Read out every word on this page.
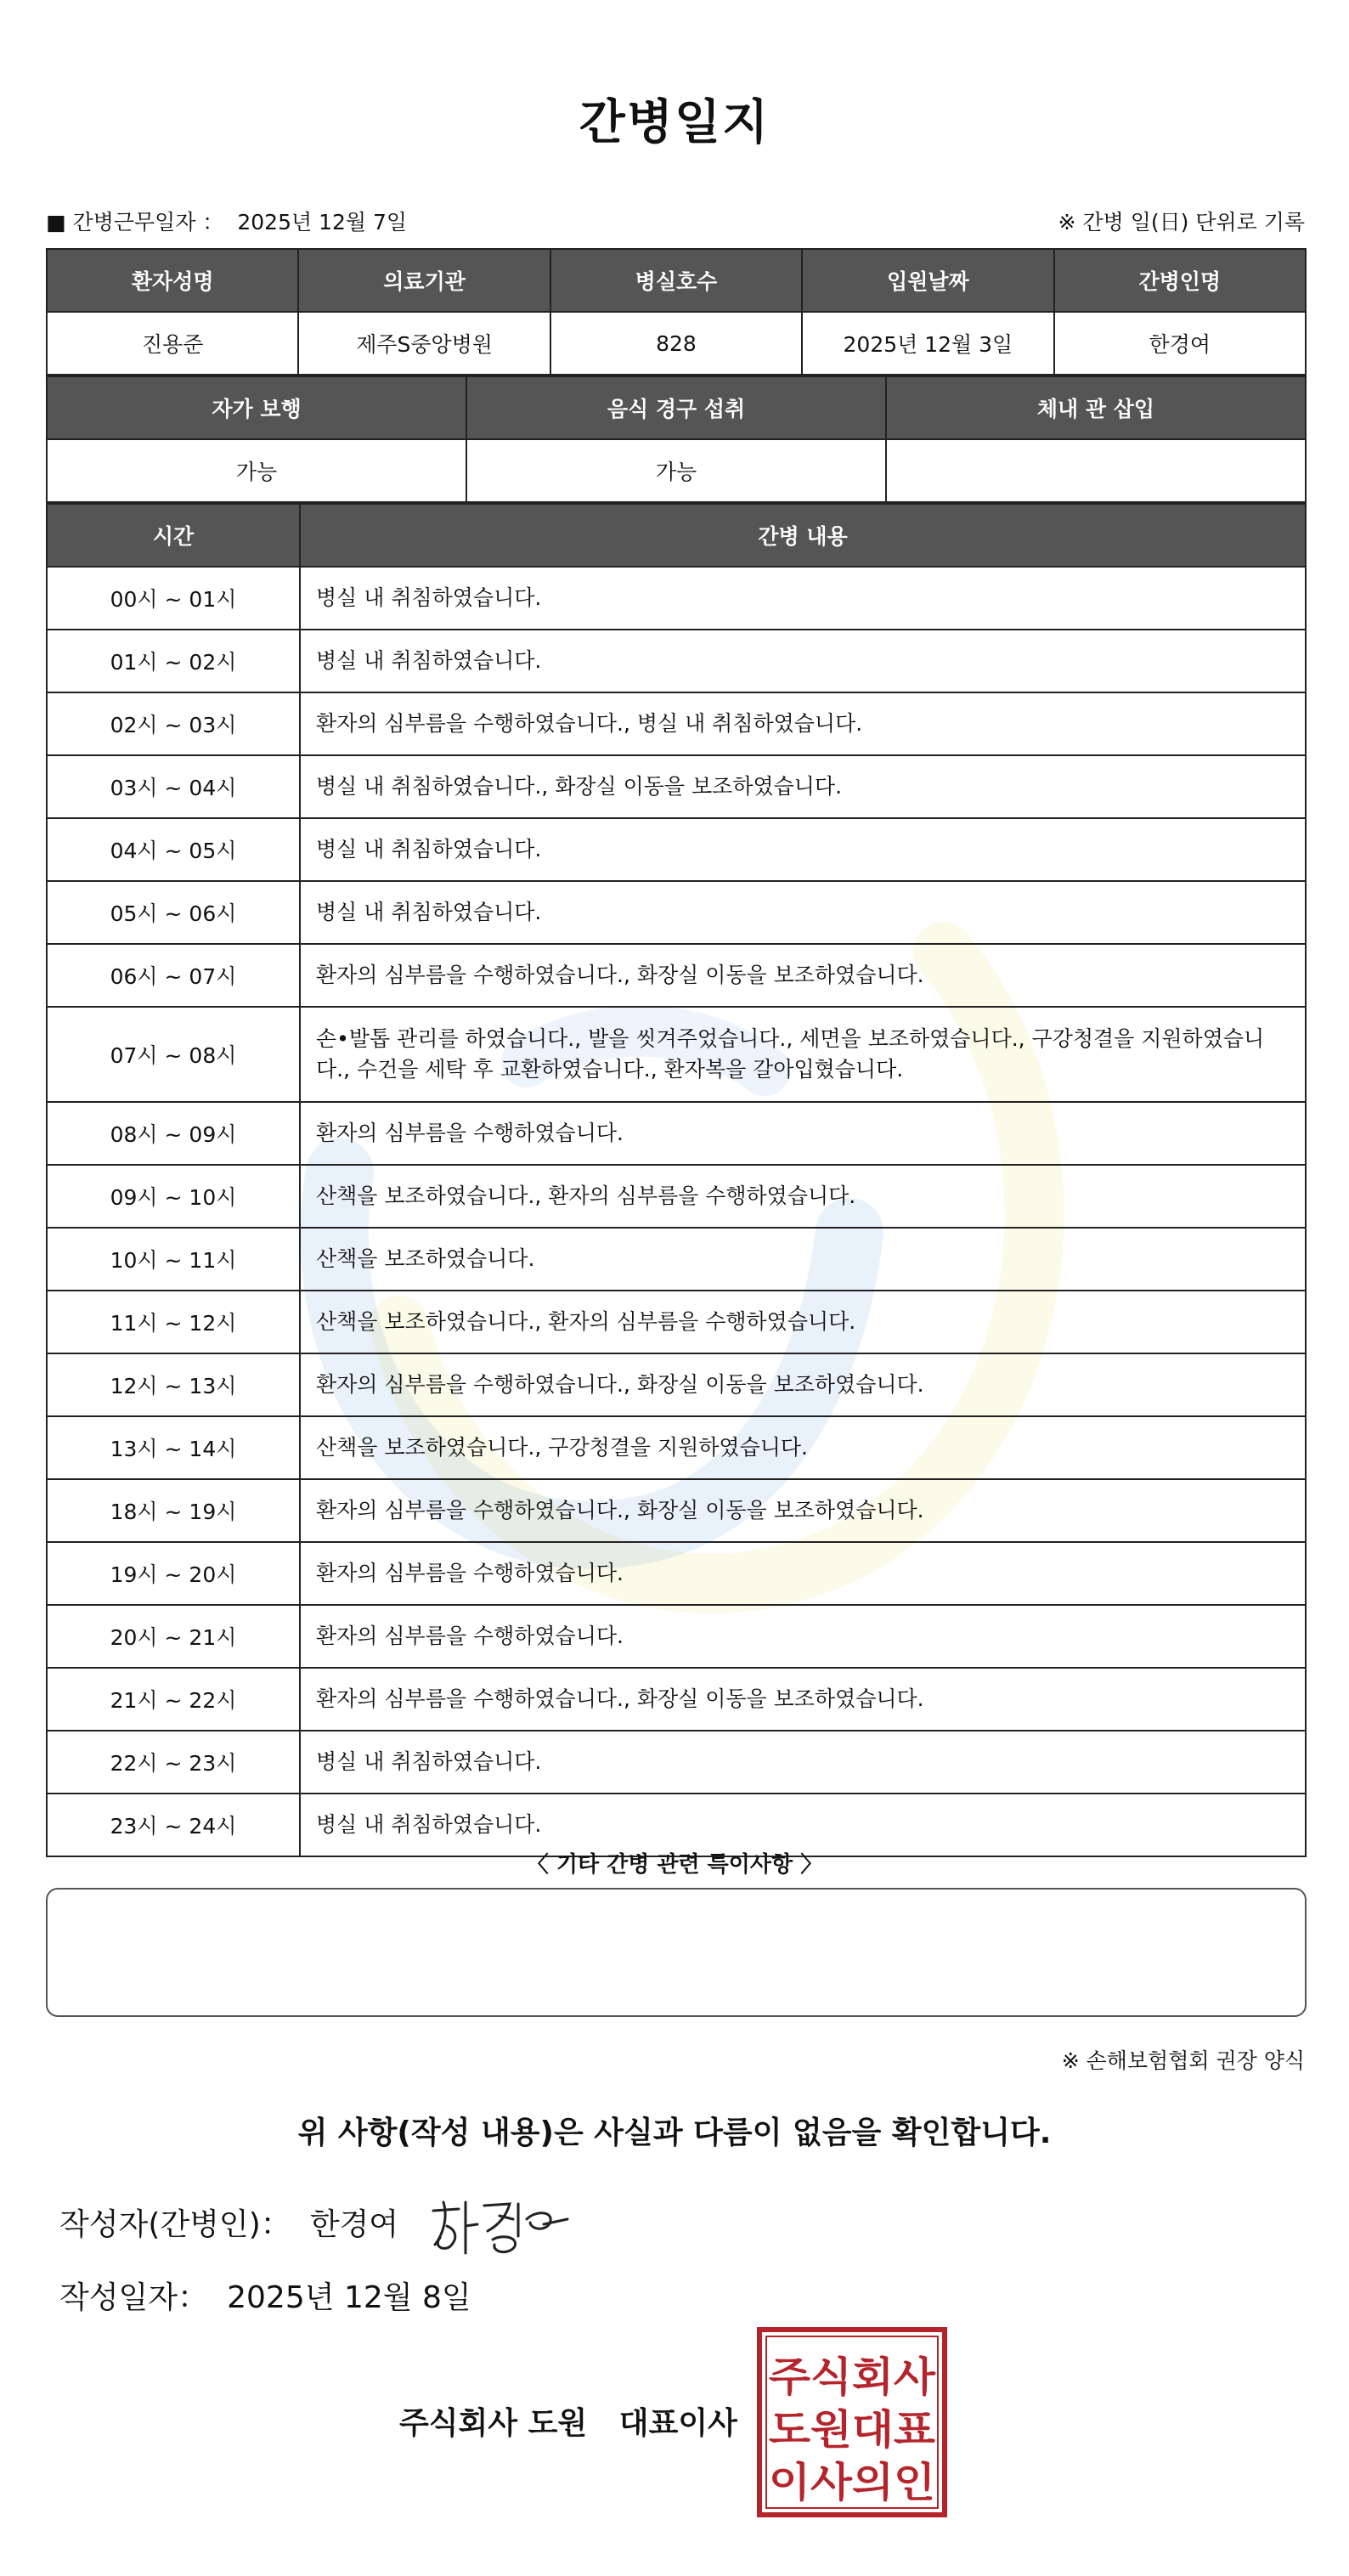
간병일지
■ 간병근무일자 ： 2025년 12월 7일	※ 간병 일(日) 단위로 기록
환자성명	의료기관	병실호수	입원날짜	간병인명
진용준	제주S중앙병원	828	2025년 12월 3일	한경여
자가 보행	음식 경구 섭취	체내 관 삽입
가능	가능	
시간	간병 내용
00시 ~ 01시	병실 내 취침하였습니다.
01시 ~ 02시	병실 내 취침하였습니다.
02시 ~ 03시	환자의 심부름을 수행하였습니다., 병실 내 취침하였습니다.
03시 ~ 04시	병실 내 취침하였습니다., 화장실 이동을 보조하였습니다.
04시 ~ 05시	병실 내 취침하였습니다.
05시 ~ 06시	병실 내 취침하였습니다.
06시 ~ 07시	환자의 심부름을 수행하였습니다., 화장실 이동을 보조하였습니다.
07시 ~ 08시	손•발톱 관리를 하였습니다., 발을 씻겨주었습니다., 세면을 보조하였습니다., 구강청결을 지원하였습니다., 수건을 세탁 후 교환하였습니다., 환자복을 갈아입혔습니다.
08시 ~ 09시	환자의 심부름을 수행하였습니다.
09시 ~ 10시	산책을 보조하였습니다., 환자의 심부름을 수행하였습니다.
10시 ~ 11시	산책을 보조하였습니다.
11시 ~ 12시	산책을 보조하였습니다., 환자의 심부름을 수행하였습니다.
12시 ~ 13시	환자의 심부름을 수행하였습니다., 화장실 이동을 보조하였습니다.
13시 ~ 14시	산책을 보조하였습니다., 구강청결을 지원하였습니다.
18시 ~ 19시	환자의 심부름을 수행하였습니다., 화장실 이동을 보조하였습니다.
19시 ~ 20시	환자의 심부름을 수행하였습니다.
20시 ~ 21시	환자의 심부름을 수행하였습니다.
21시 ~ 22시	환자의 심부름을 수행하였습니다., 화장실 이동을 보조하였습니다.
22시 ~ 23시	병실 내 취침하였습니다.
23시 ~ 24시	병실 내 취침하였습니다.
〈 기타 간병 관련 특이사항 〉
※ 손해보험협회 권장 양식
위 사항(작성 내용)은 사실과 다름이 없음을 확인합니다.
작성자(간병인)： 한경여
작성일자： 2025년 12월 8일
주식회사 도원   대표이사
주식회사
도원대표
이사의인
